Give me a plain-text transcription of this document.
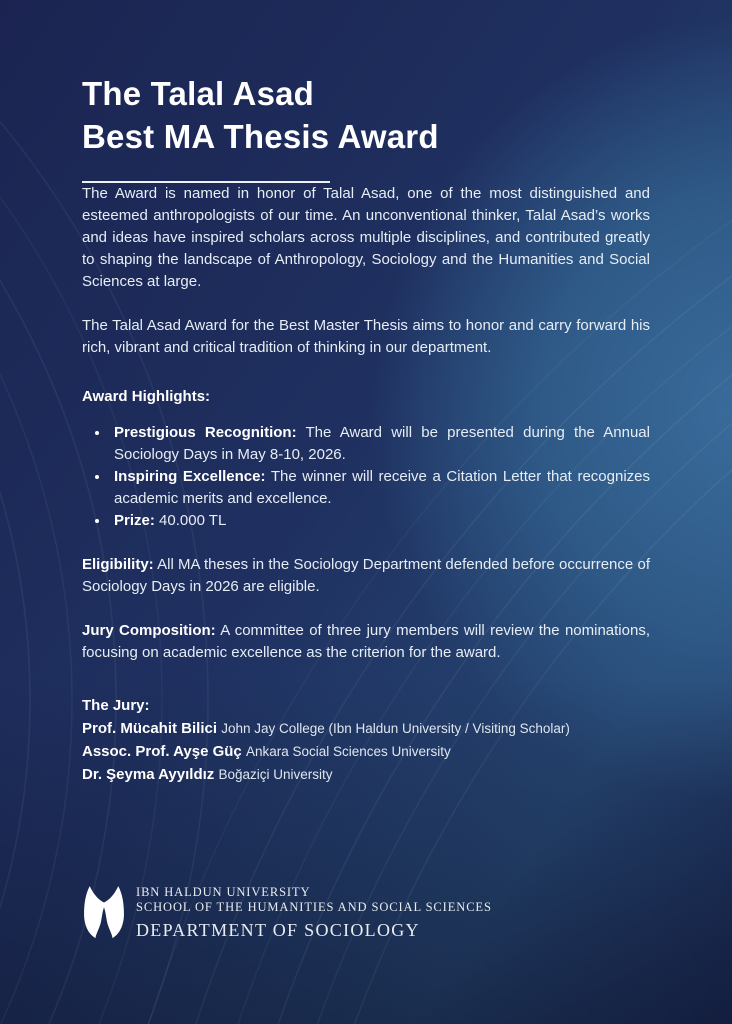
The Talal Asad
Best MA Thesis Award

The Award is named in honor of Talal Asad, one of the most distinguished and esteemed anthropologists of our time. An unconventional thinker, Talal Asad’s works and ideas have inspired scholars across multiple disciplines, and contributed greatly to shaping the landscape of Anthropology, Sociology and the Humanities and Social Sciences at large.

The Talal Asad Award for the Best Master Thesis aims to honor and carry forward his rich, vibrant and critical tradition of thinking in our department.

Award Highlights:
• Prestigious Recognition: The Award will be presented during the Annual Sociology Days in May 8-10, 2026.
• Inspiring Excellence: The winner will receive a Citation Letter that recognizes academic merits and excellence.
• Prize: 40.000 TL

Eligibility: All MA theses in the Sociology Department defended before occurrence of Sociology Days in 2026 are eligible.

Jury Composition: A committee of three jury members will review the nominations, focusing on academic excellence as the criterion for the award.

The Jury:
Prof. Mücahit Bilici John Jay College (Ibn Haldun University / Visiting Scholar)
Assoc. Prof. Ayşe Güç Ankara Social Sciences University
Dr. Şeyma Ayyıldız Boğaziçi University
IBN HALDUN UNIVERSITY
SCHOOL OF THE HUMANITIES AND SOCIAL SCIENCES
DEPARTMENT OF SOCIOLOGY
